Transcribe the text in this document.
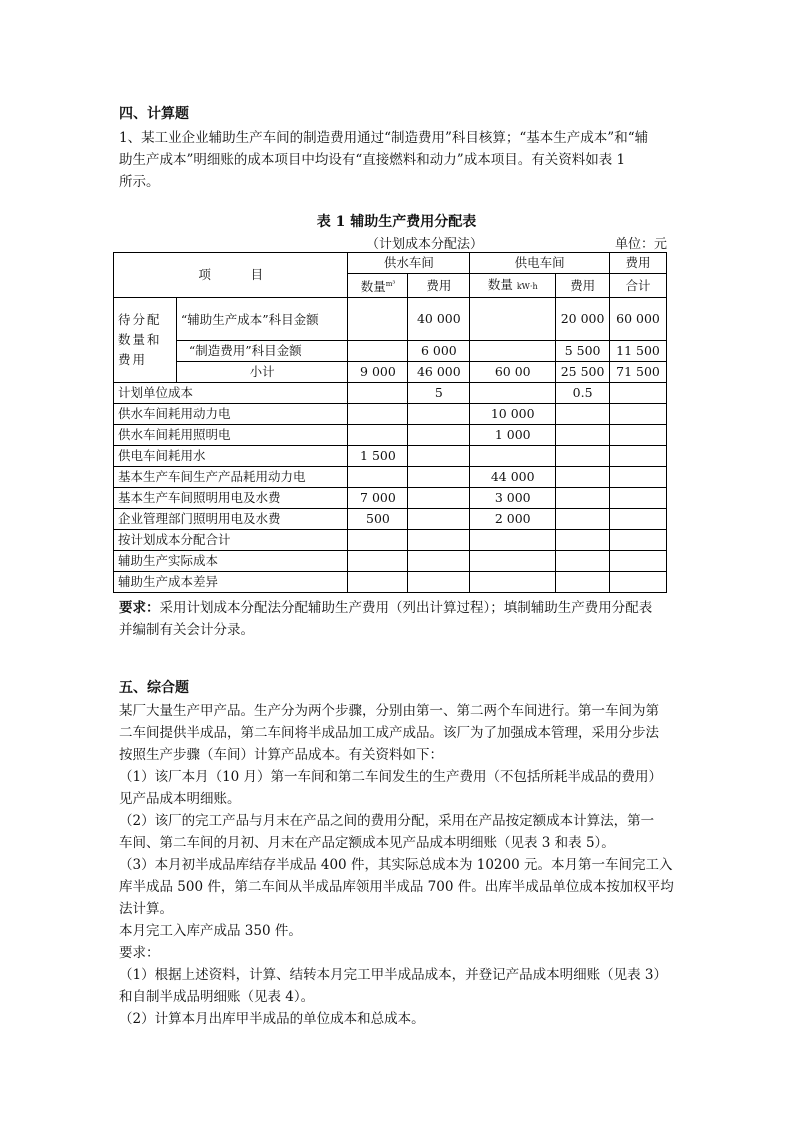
四、计算题

1、某工业企业辅助生产车间的制造费用通过“制造费用”科目核算；“基本生产成本”和“辅

助生产成本”明细账的成本项目中均设有“直接燃料和动力”成本项目。有关资料如表 1

所示。

表 1 辅助生产费用分配表
（计划成本分配法）	单位：元
项          目		供水车间		供电车间		费用
		数量$^{m^3}$	费用	数量 kW·h	费用	合计
待分配数量和费用	“辅助生产成本”科目金额		40 000		20 000	60 000
	“制造费用”科目金额		6 000		5 500	11 500
	小计	9 000	46 000	60 00	25 500	71 500
计划单位成本			5		0.5	
供水车间耗用动力电				10 000		
供水车间耗用照明电				1 000		
供电车间耗用水		1 500				
基本生产车间生产产品耗用动力电				44 000		
基本生产车间照明用电及水费		7 000		3 000		
企业管理部门照明用电及水费		500		2 000		
按计划成本分配合计						
辅助生产实际成本						
辅助生产成本差异						
要求：采用计划成本分配法分配辅助生产费用（列出计算过程）；填制辅助生产费用分配表
并编制有关会计分录。
五、综合题

某厂大量生产甲产品。生产分为两个步骤，分别由第一、第二两个车间进行。第一车间为第

二车间提供半成品，第二车间将半成品加工成产成品。该厂为了加强成本管理，采用分步法

按照生产步骤（车间）计算产品成本。有关资料如下：

（1）该厂本月（10 月）第一车间和第二车间发生的生产费用（不包括所耗半成品的费用）

见产品成本明细账。

（2）该厂的完工产品与月末在产品之间的费用分配，采用在产品按定额成本计算法，第一

车间、第二车间的月初、月末在产品定额成本见产品成本明细账（见表 3 和表 5）。

（3）本月初半成品库结存半成品 400 件，其实际总成本为 10200 元。本月第一车间完工入

库半成品 500 件，第二车间从半成品库领用半成品 700 件。出库半成品单位成本按加权平均

法计算。

本月完工入库产成品 350 件。

要求：

（1）根据上述资料，计算、结转本月完工甲半成品成本，并登记产品成本明细账（见表 3）

和自制半成品明细账（见表 4）。

（2）计算本月出库甲半成品的单位成本和总成本。
